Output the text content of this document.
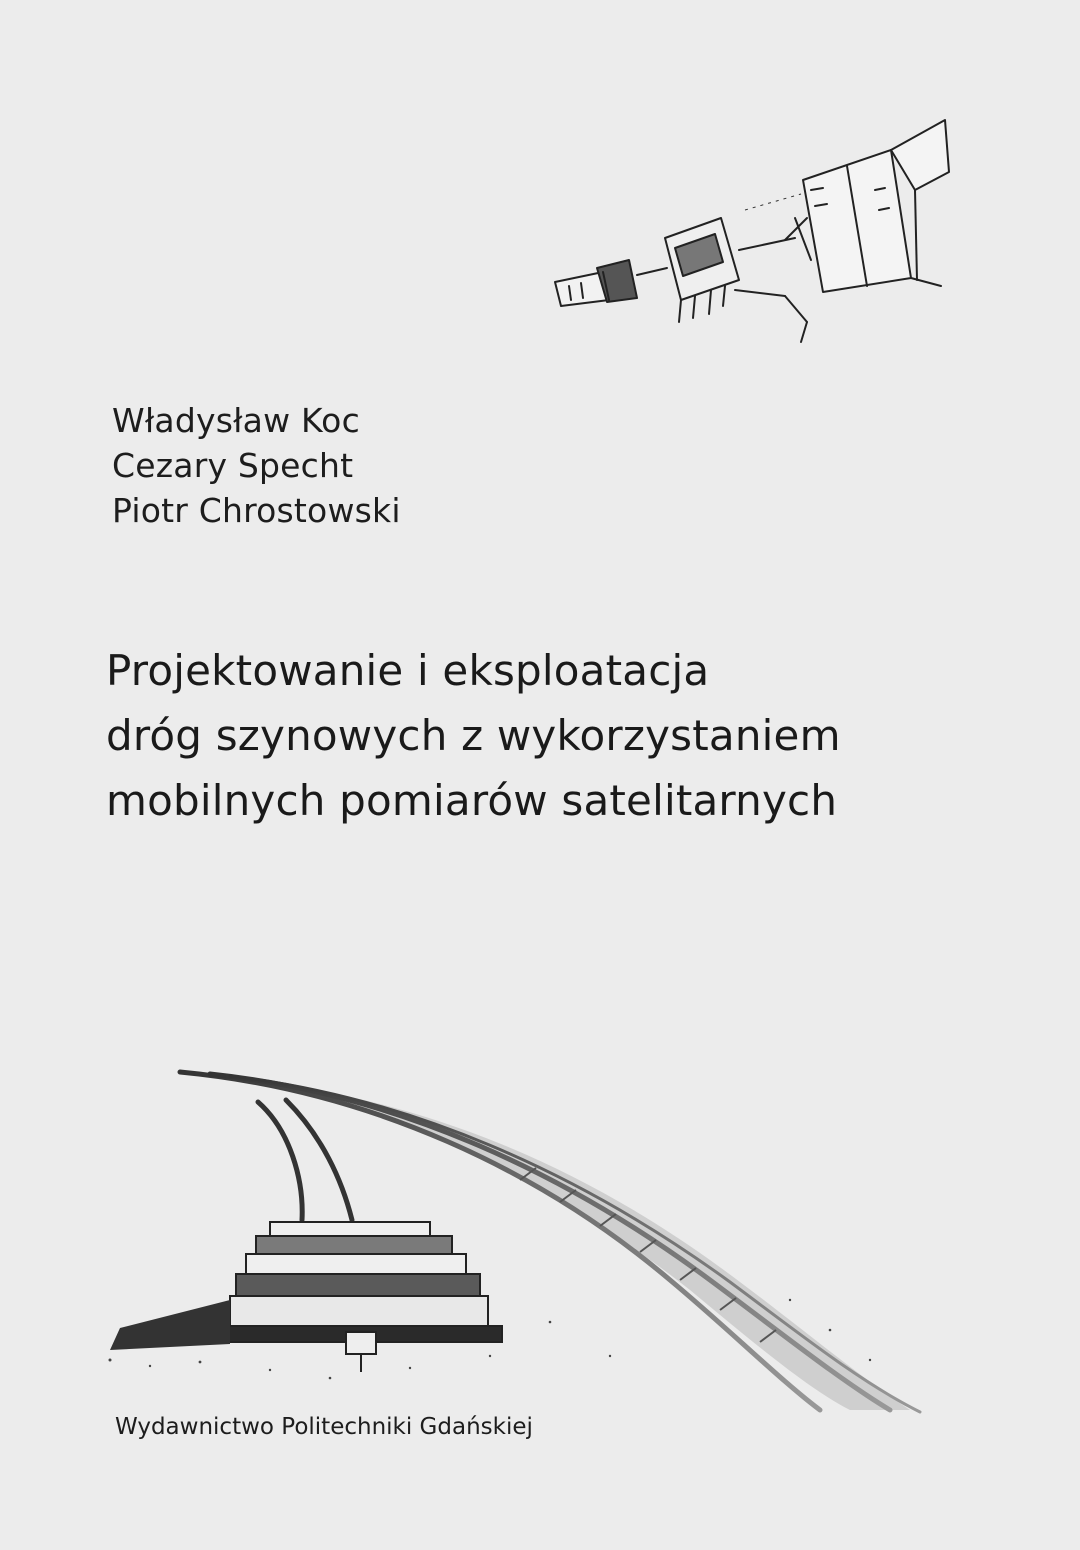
Władysław Koc
Cezary Specht
Piotr Chrostowski
Projektowanie i eksploatacja
dróg szynowych z wykorzystaniem
mobilnych pomiarów satelitarnych
Wydawnictwo Politechniki Gdańskiej
